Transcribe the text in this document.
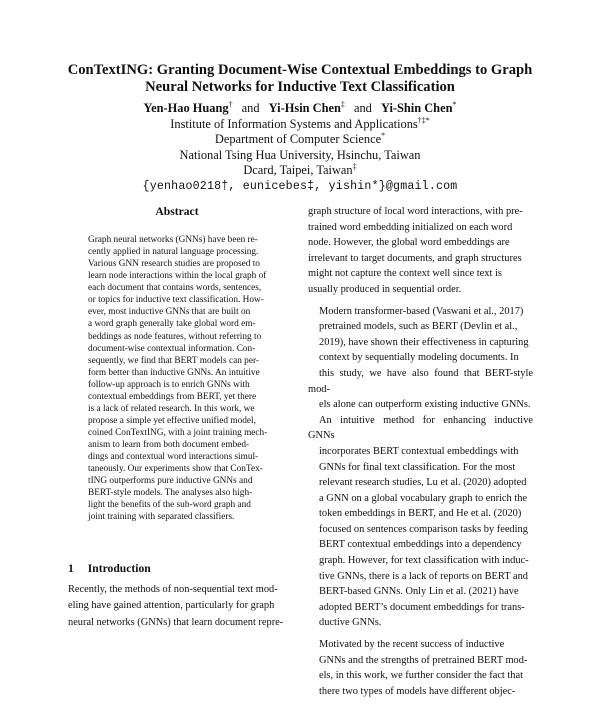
ConTextING: Granting Document-Wise Contextual Embeddings to Graph
Neural Networks for Inductive Text Classification
Yen-Hao Huang† and Yi-Hsin Chen‡ and Yi-Shin Chen*
Institute of Information Systems and Applications†‡*
Department of Computer Science*
National Tsing Hua University, Hsinchu, Taiwan
Dcard, Taipei, Taiwan‡
{yenhao0218†, eunicebes‡, yishin*}@gmail.com
Abstract
Graph neural networks (GNNs) have been re-
cently applied in natural language processing.
Various GNN research studies are proposed to
learn node interactions within the local graph of
each document that contains words, sentences,
or topics for inductive text classification. How-
ever, most inductive GNNs that are built on
a word graph generally take global word em-
beddings as node features, without referring to
document-wise contextual information. Con-
sequently, we find that BERT models can per-
form better than inductive GNNs. An intuitive
follow-up approach is to enrich GNNs with
contextual embeddings from BERT, yet there
is a lack of related research. In this work, we
propose a simple yet effective unified model,
coined ConTextING, with a joint training mech-
anism to learn from both document embed-
dings and contextual word interactions simul-
taneously. Our experiments show that ConTex-
tING outperforms pure inductive GNNs and
BERT-style models. The analyses also high-
light the benefits of the sub-word graph and
joint training with separated classifiers.
1 Introduction
Recently, the methods of non-sequential text mod-
eling have gained attention, particularly for graph
neural networks (GNNs) that learn document repre-

graph structure of local word interactions, with pre-
trained word embedding initialized on each word
node. However, the global word embeddings are
irrelevant to target documents, and graph structures
might not capture the context well since text is
usually produced in sequential order.

Modern transformer-based (Vaswani et al., 2017)
pretrained models, such as BERT (Devlin et al.,
2019), have shown their effectiveness in capturing
context by sequentially modeling documents. In
this study, we have also found that BERT-style mod-
els alone can outperform existing inductive GNNs.
An intuitive method for enhancing inductive GNNs
incorporates BERT contextual embeddings with
GNNs for final text classification. For the most
relevant research studies, Lu et al. (2020) adopted
a GNN on a global vocabulary graph to enrich the
token embeddings in BERT, and He et al. (2020)
focused on sentences comparison tasks by feeding
BERT contextual embeddings into a dependency
graph. However, for text classification with induc-
tive GNNs, there is a lack of reports on BERT and
BERT-based GNNs. Only Lin et al. (2021) have
adopted BERT’s document embeddings for trans-
ductive GNNs.

Motivated by the recent success of inductive
GNNs and the strengths of pretrained BERT mod-
els, in this work, we further consider the fact that
there two types of models have different objec-
